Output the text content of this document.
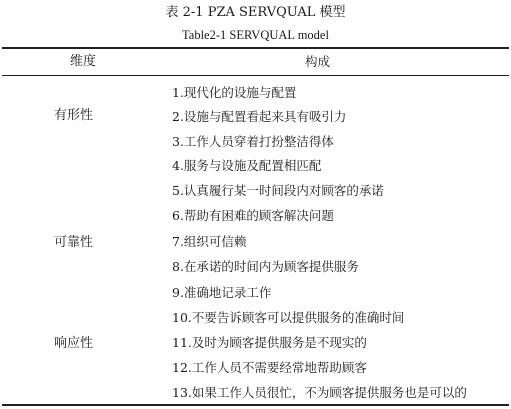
表 2-1 PZA SERVQUAL 模型
Table2-1 SERVQUAL model
维度	构成
有形性
可靠性
响应性
1.现代化的设施与配置
2.设施与配置看起来具有吸引力
3.工作人员穿着打扮整洁得体
4.服务与设施及配置相匹配
5.认真履行某一时间段内对顾客的承诺
6.帮助有困难的顾客解决问题
7.组织可信赖
8.在承诺的时间内为顾客提供服务
9.准确地记录工作
10.不要告诉顾客可以提供服务的准确时间
11.及时为顾客提供服务是不现实的
12.工作人员不需要经常地帮助顾客
13.如果工作人员很忙，不为顾客提供服务也是可以的
